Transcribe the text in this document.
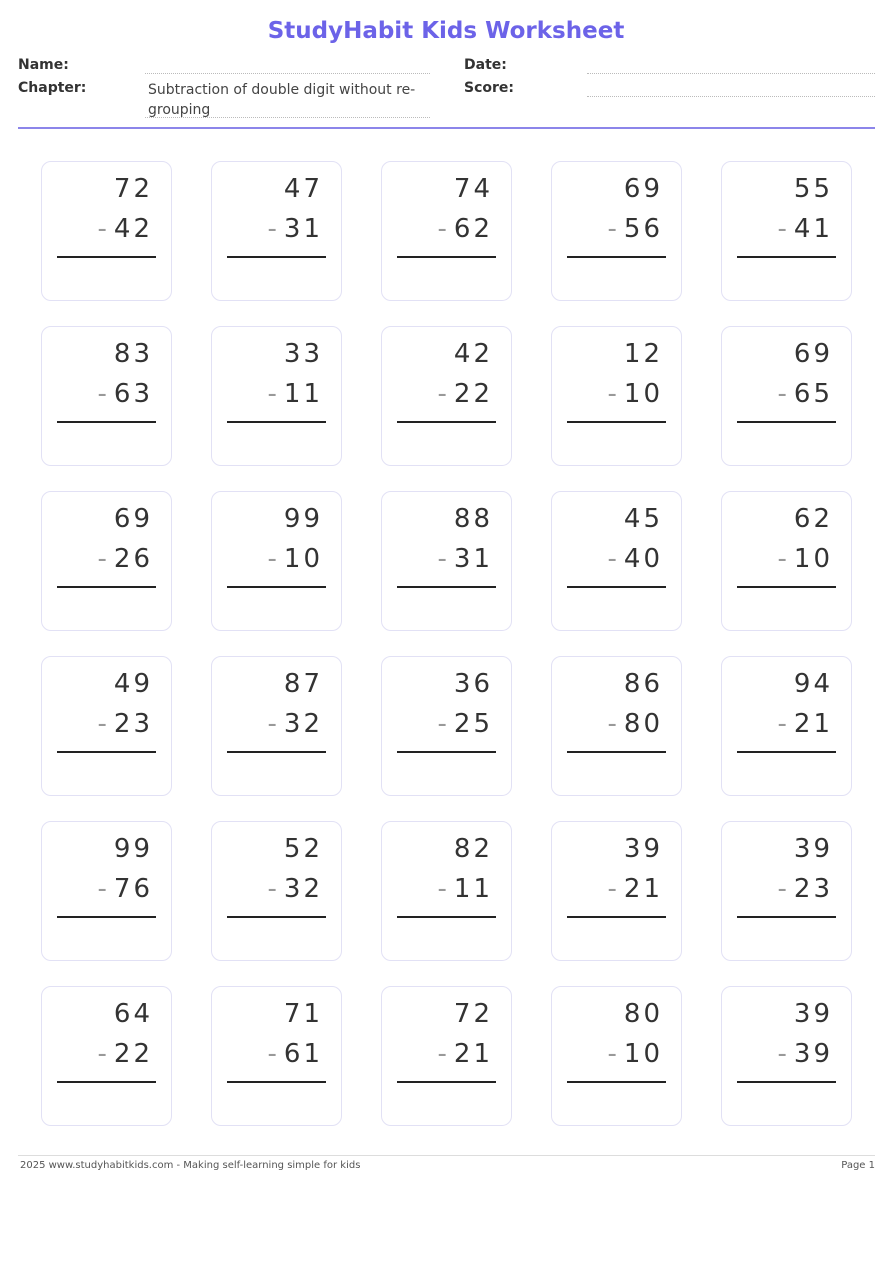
StudyHabit Kids Worksheet
Name:
Chapter:	Subtraction of double digit without re-grouping
Date:
Score:
72
- 42
47
- 31
74
- 62
69
- 56
55
- 41
83
- 63
33
- 11
42
- 22
12
- 10
69
- 65
69
- 26
99
- 10
88
- 31
45
- 40
62
- 10
49
- 23
87
- 32
36
- 25
86
- 80
94
- 21
99
- 76
52
- 32
82
- 11
39
- 21
39
- 23
64
- 22
71
- 61
72
- 21
80
- 10
39
- 39
2025 www.studyhabitkids.com - Making self-learning simple for kids	Page 1
